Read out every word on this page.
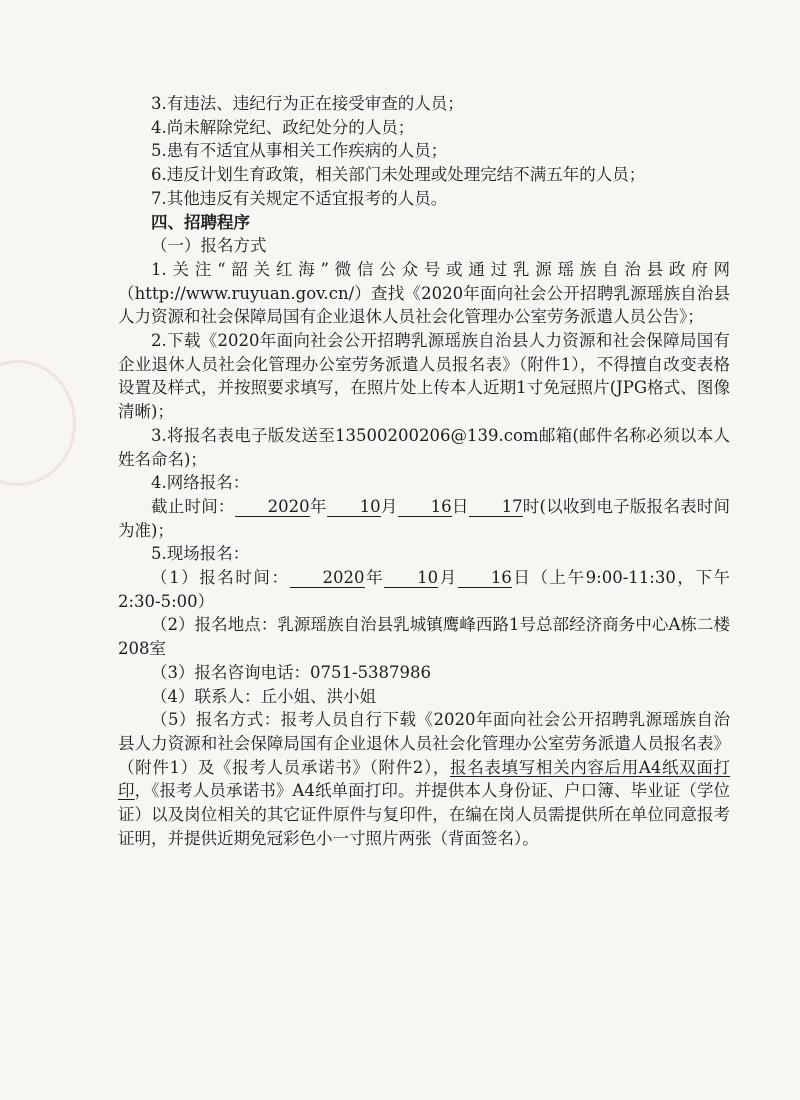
3.有违法、违纪行为正在接受审查的人员；

4.尚未解除党纪、政纪处分的人员；

5.患有不适宜从事相关工作疾病的人员；

6.违反计划生育政策，相关部门未处理或处理完结不满五年的人员；

7.其他违反有关规定不适宜报考的人员。

四、招聘程序

（一）报名方式

1.关注“韶关红海”微信公众号或通过乳源瑶族自治县政府网（http://www.ruyuan.gov.cn/）查找《2020年面向社会公开招聘乳源瑶族自治县人力资源和社会保障局国有企业退休人员社会化管理办公室劳务派遣人员公告》；

2.下载《2020年面向社会公开招聘乳源瑶族自治县人力资源和社会保障局国有企业退休人员社会化管理办公室劳务派遣人员报名表》（附件1），不得擅自改变表格设置及样式，并按照要求填写，在照片处上传本人近期1寸免冠照片(JPG格式、图像清晰)；

3.将报名表电子版发送至13500200206@139.com邮箱(邮件名称必须以本人姓名命名)；

4.网络报名：

截止时间： 2020年 10月 16日 17时(以收到电子版报名表时间为准)；

5.现场报名：

（1）报名时间： 2020年 10月 16日（上午9:00-11:30，下午2:30-5:00）

（2）报名地点：乳源瑶族自治县乳城镇鹰峰西路1号总部经济商务中心A栋二楼208室

（3）报名咨询电话：0751-5387986

（4）联系人：丘小姐、洪小姐

（5）报名方式：报考人员自行下载《2020年面向社会公开招聘乳源瑶族自治县人力资源和社会保障局国有企业退休人员社会化管理办公室劳务派遣人员报名表》（附件1）及《报考人员承诺书》（附件2），报名表填写相关内容后用A4纸双面打印，《报考人员承诺书》A4纸单面打印。并提供本人身份证、户口簿、毕业证（学位证）以及岗位相关的其它证件原件与复印件，在编在岗人员需提供所在单位同意报考证明，并提供近期免冠彩色小一寸照片两张（背面签名）。
